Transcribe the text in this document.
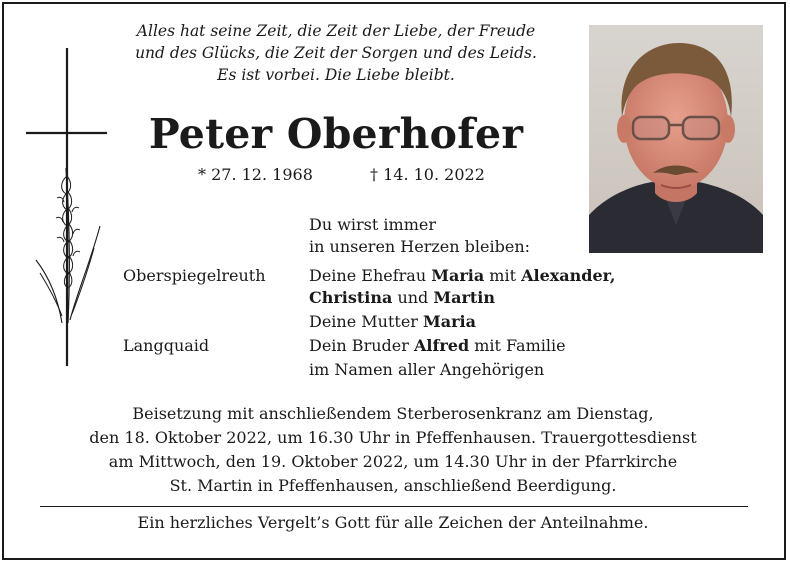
Alles hat seine Zeit, die Zeit der Liebe, der Freude
und des Glücks, die Zeit der Sorgen und des Leids.
Es ist vorbei. Die Liebe bleibt.
Peter Oberhofer
* 27. 12. 1968	† 14. 10. 2022
Du wirst immer
in unseren Herzen bleiben:
Oberspiegelreuth	Deine Ehefrau Maria mit Alexander,
Christina und Martin
Deine Mutter Maria
Langquaid	Dein Bruder Alfred mit Familie
im Namen aller Angehörigen
Beisetzung mit anschließendem Sterberosenkranz am Dienstag,
den 18. Oktober 2022, um 16.30 Uhr in Pfeffenhausen. Trauergottesdienst
am Mittwoch, den 19. Oktober 2022, um 14.30 Uhr in der Pfarrkirche
St. Martin in Pfeffenhausen, anschließend Beerdigung.
Ein herzliches Vergelt’s Gott für alle Zeichen der Anteilnahme.
